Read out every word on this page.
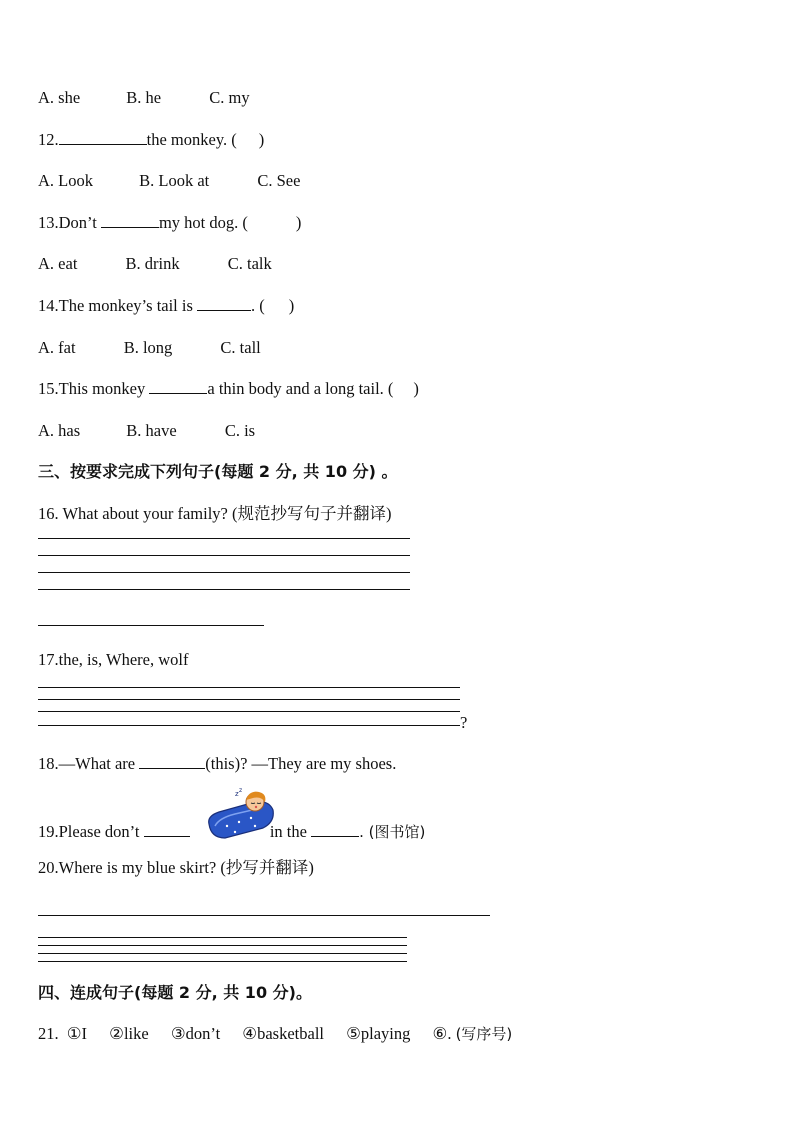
A. she	B. he	C. my
12.	the monkey. ( )
A. Look	B. Look at	C. See
13.Don’t	my hot dog. (	)
A. eat	B. drink	C. talk
14.The monkey’s tail is	. ( )
A. fat	B. long	C. tall
15.This monkey	a thin body and a long tail. ( )
A. has	B. have	C. is
三、按要求完成下列句子(每题 2 分, 共 10 分) 。
16. What about your family? (规范抄写句子并翻译)
17.the, is, Where, wolf
?
18.—What are	(this)? —They are my shoes.
19.Please don’t	in the	. (图书馆)
z z
20.Where is my blue skirt? (抄写并翻译)
四、连成句子(每题 2 分, 共 10 分)。
21. ①I ②like ③don’t ④basketball ⑤playing ⑥. (写序号)
